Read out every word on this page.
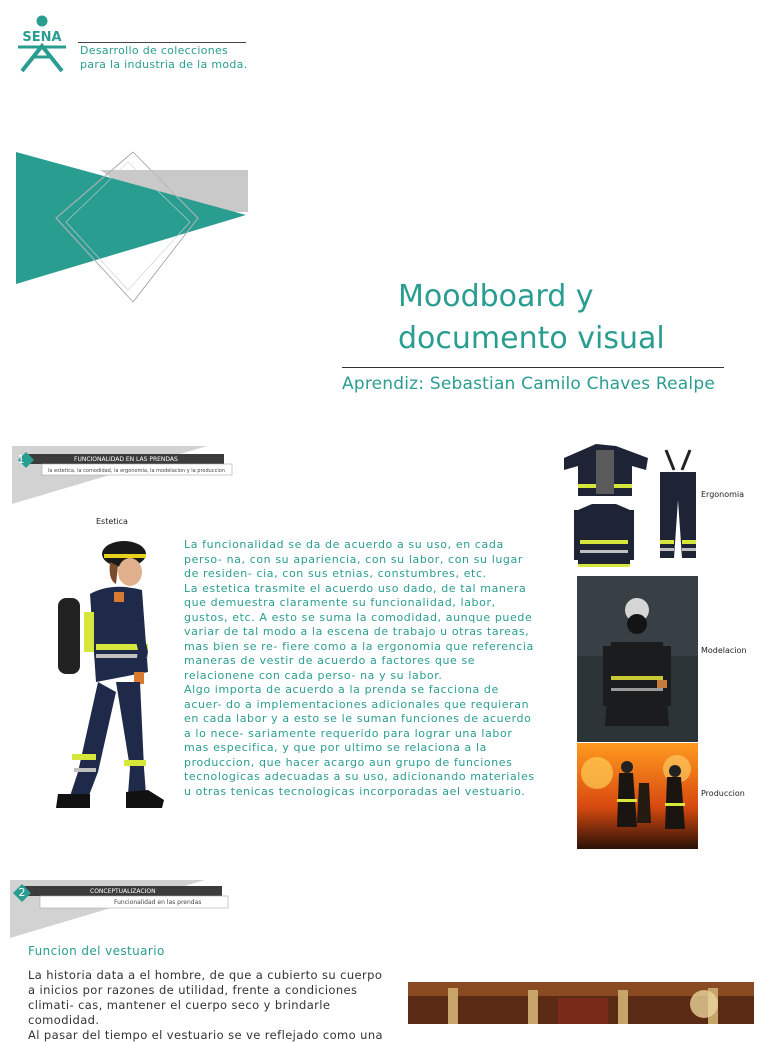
SENA
Desarrollo de colecciones
para la industria de la moda.
Moodboard y
documento visual
Aprendiz: Sebastian Camilo Chaves Realpe
1	FUNCIONALIDAD EN LAS PRENDAS
la estetica, la comodidad, la ergonomia, la modelacion y la produccion
Estetica

La funcionalidad se da de acuerdo a su uso, en cada perso- na, con su apariencia, con su labor, con su lugar de residen- cia, con sus etnias, constumbres, etc.

La estetica trasmite el acuerdo uso dado, de tal manera que demuestra claramente su funcionalidad, labor, gustos, etc. A esto se suma la comodidad, aunque puede variar de tal modo a la escena de trabajo u otras tareas, mas bien se re- fiere como a la ergonomia que referencia maneras de vestir de acuerdo a factores que se relacionene con cada perso- na y su labor.

Algo importa de acuerdo a la prenda se facciona de acuer- do a implementaciones adicionales que requieran en cada labor y a esto se le suman funciones de acuerdo a lo nece- sariamente requerido para lograr una labor mas especifica, y que por ultimo se relaciona a la produccion, que hacer acargo aun grupo de funciones tecnologicas adecuadas a su uso, adicionando materiales u otras tenicas tecnologicas incorporadas ael vestuario.

Ergonomia
Modelacion
Produccion
2	CONCEPTUALIZACION
Funcionalidad en las prendas
Funcion del vestuario

La historia data a el hombre, de que a cubierto su cuerpo a inicios por razones de utilidad, frente a condiciones climati- cas, mantener el cuerpo seco y brindarle comodidad.

Al pasar del tiempo el vestuario se ve reflejado como una
